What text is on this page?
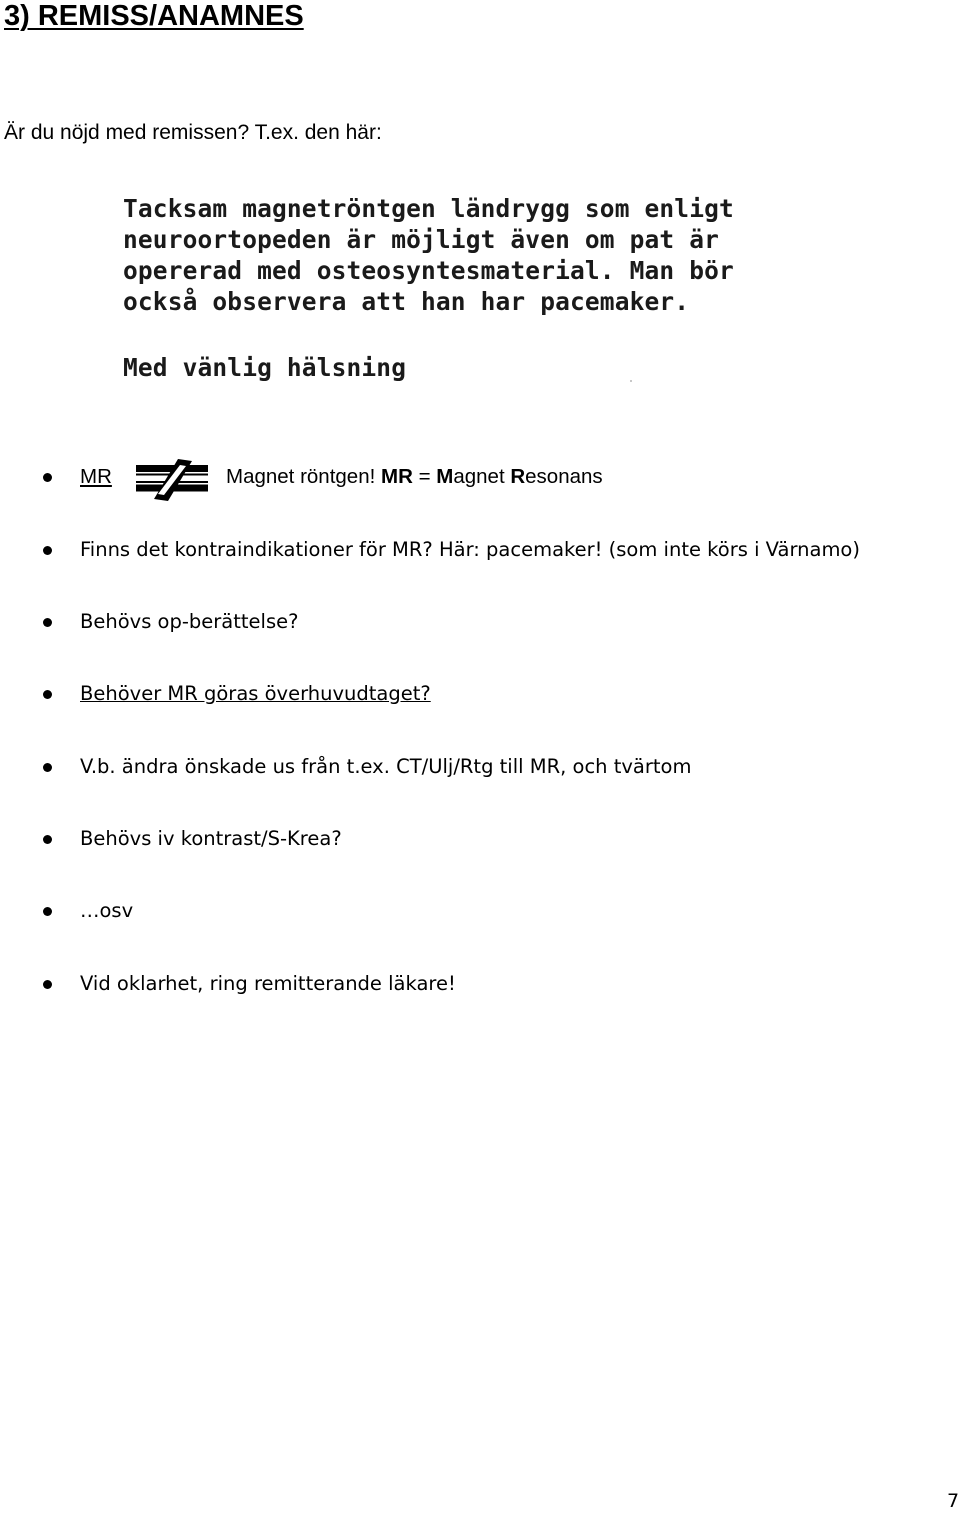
3) REMISS/ANAMNES
Är du nöjd med remissen? T.ex. den här:
Tacksam magnetröntgen ländrygg som enligt
neuroortopeden är möjligt även om pat är
opererad med osteosyntesmaterial. Man bör
också observera att han har pacemaker.
Med vänlig hälsning
MR	Magnet röntgen! MR = Magnet Resonans
Finns det kontraindikationer för MR? Här: pacemaker! (som inte körs i Värnamo)
Behövs op-berättelse?
Behöver MR göras överhuvudtaget?
V.b. ändra önskade us från t.ex. CT/Ulj/Rtg till MR, och tvärtom
Behövs iv kontrast/S-Krea?
…osv
Vid oklarhet, ring remitterande läkare!
7
